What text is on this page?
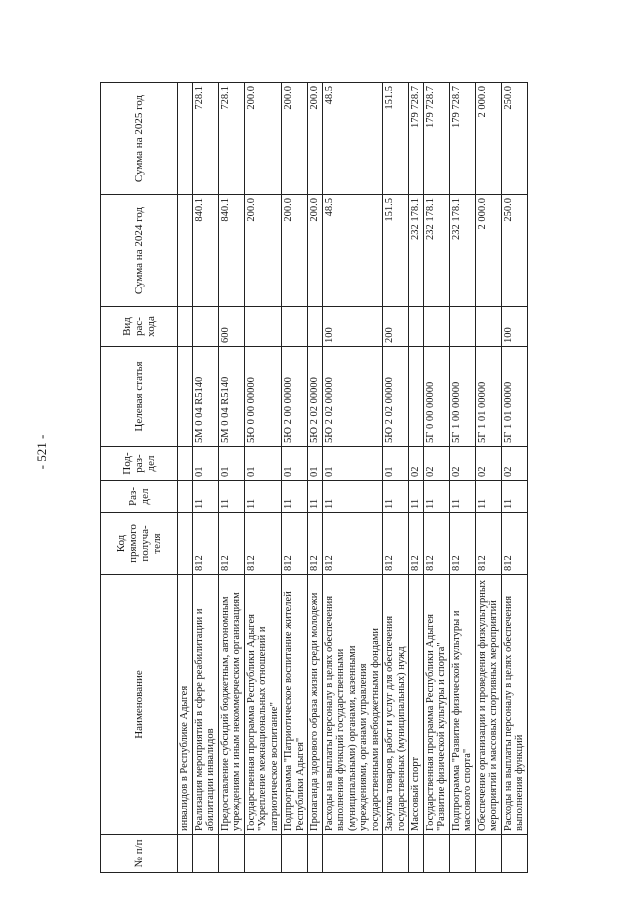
- 521 -
№ п/п	Наименование	Код прямого получа-теля	Раз-дел	Под-раз-дел	Целевая статья	Вид рас-хода	Сумма на 2024 год	Сумма на 2025 год
	инвалидов в Республике Адыгея							
	Реализация мероприятий в сфере реабилитации и абилитации инвалидов	812	11	01	5М 0 04 R5140		840.1	728.1
	Предоставление субсидий бюджетным, автономным учреждениям и иным некоммерческим организациям	812	11	01	5М 0 04 R5140	600	840.1	728.1
	Государственная программа Республики Адыгея "Укрепление межнациональных отношений и патриотическое воспитание"	812	11	01	5Ю 0 00 00000		200.0	200.0
	Подпрограмма "Патриотическое воспитание жителей Республики Адыгея"	812	11	01	5Ю 2 00 00000		200.0	200.0
	Пропаганда здорового образа жизни среди молодежи	812	11	01	5Ю 2 02 00000		200.0	200.0
	Расходы на выплаты персоналу в целях обеспечения выполнения функций государственными (муниципальными) органами, казенными учреждениями, органами управления государственными внебюджетными фондами	812	11	01	5Ю 2 02 00000	100	48.5	48.5
	Закупка товаров, работ и услуг для обеспечения государственных (муниципальных) нужд	812	11	01	5Ю 2 02 00000	200	151.5	151.5
	Массовый спорт	812	11	02			232 178.1	179 728.7
	Государственная программа Республики Адыгея "Развитие физической культуры и спорта"	812	11	02	5Г 0 00 00000		232 178.1	179 728.7
	Подпрограмма "Развитие физической культуры и массового спорта"	812	11	02	5Г 1 00 00000		232 178.1	179 728.7
	Обеспечение организации и проведения физкультурных мероприятий и массовых спортивных мероприятий	812	11	02	5Г 1 01 00000		2 000.0	2 000.0
	Расходы на выплаты персоналу в целях обеспечения выполнения функций	812	11	02	5Г 1 01 00000	100	250.0	250.0
